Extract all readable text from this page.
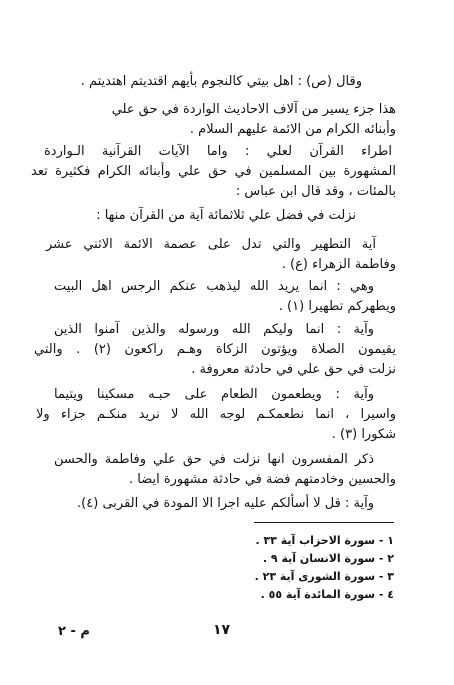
وقال (ص) : اهل بيتي كالنجوم بأيهم اقتديتم اهتديتم .
هذا جزء يسير من آلاف الاحاديث الواردة في حق علي
وأبنائه الكرام من الائمة عليهم السلام .
اطراء القرآن لعلي : واما الآيات القرآنية الـواردة
المشهورة بين المسلمين في حق علي وأبنائه الكرام فكثيرة تعد
بالمئات ، وقد قال ابن عباس :
نزلت في فضل علي ثلاثمائة آية من القرآن منها :
آية التطهير والتي تدل على عصمة الائمة الاثني عشر
وفاطمة الزهراء (ع) .
وهي : انما يريد الله ليذهب عنكم الرجس اهل البيت
ويطهركم تطهيرا (١) .
وآية : انما وليكم الله ورسوله والذين آمنوا الذين
يقيمون الصلاة ويؤتون الزكاة وهـم راكعون (٢) . والتي
نزلت في حق علي في حادثة معروفة .
وآية : ويطعمون الطعام على حبـه مسكينا ويتيما
واسيرا ، انما نطعمكـم لوجه الله لا نريد منكـم جزاء ولا
شكورا (٣) .
ذكر المفسرون انها نزلت في حق علي وفاطمة والحسن
والحسين وخادمتهم فضة في حادثة مشهورة ايضا .
وآية : قل لا أسألكم عليه اجرا الا المودة في القربى (٤).
١ - سورة الاحزاب آية ٣٣ .
٢ - سورة الانسان آية ٩ .
٣ - سورة الشورى آية ٢٣ .
٤ - سورة المائدة آية ٥٥ .
١٧
م - ٢
